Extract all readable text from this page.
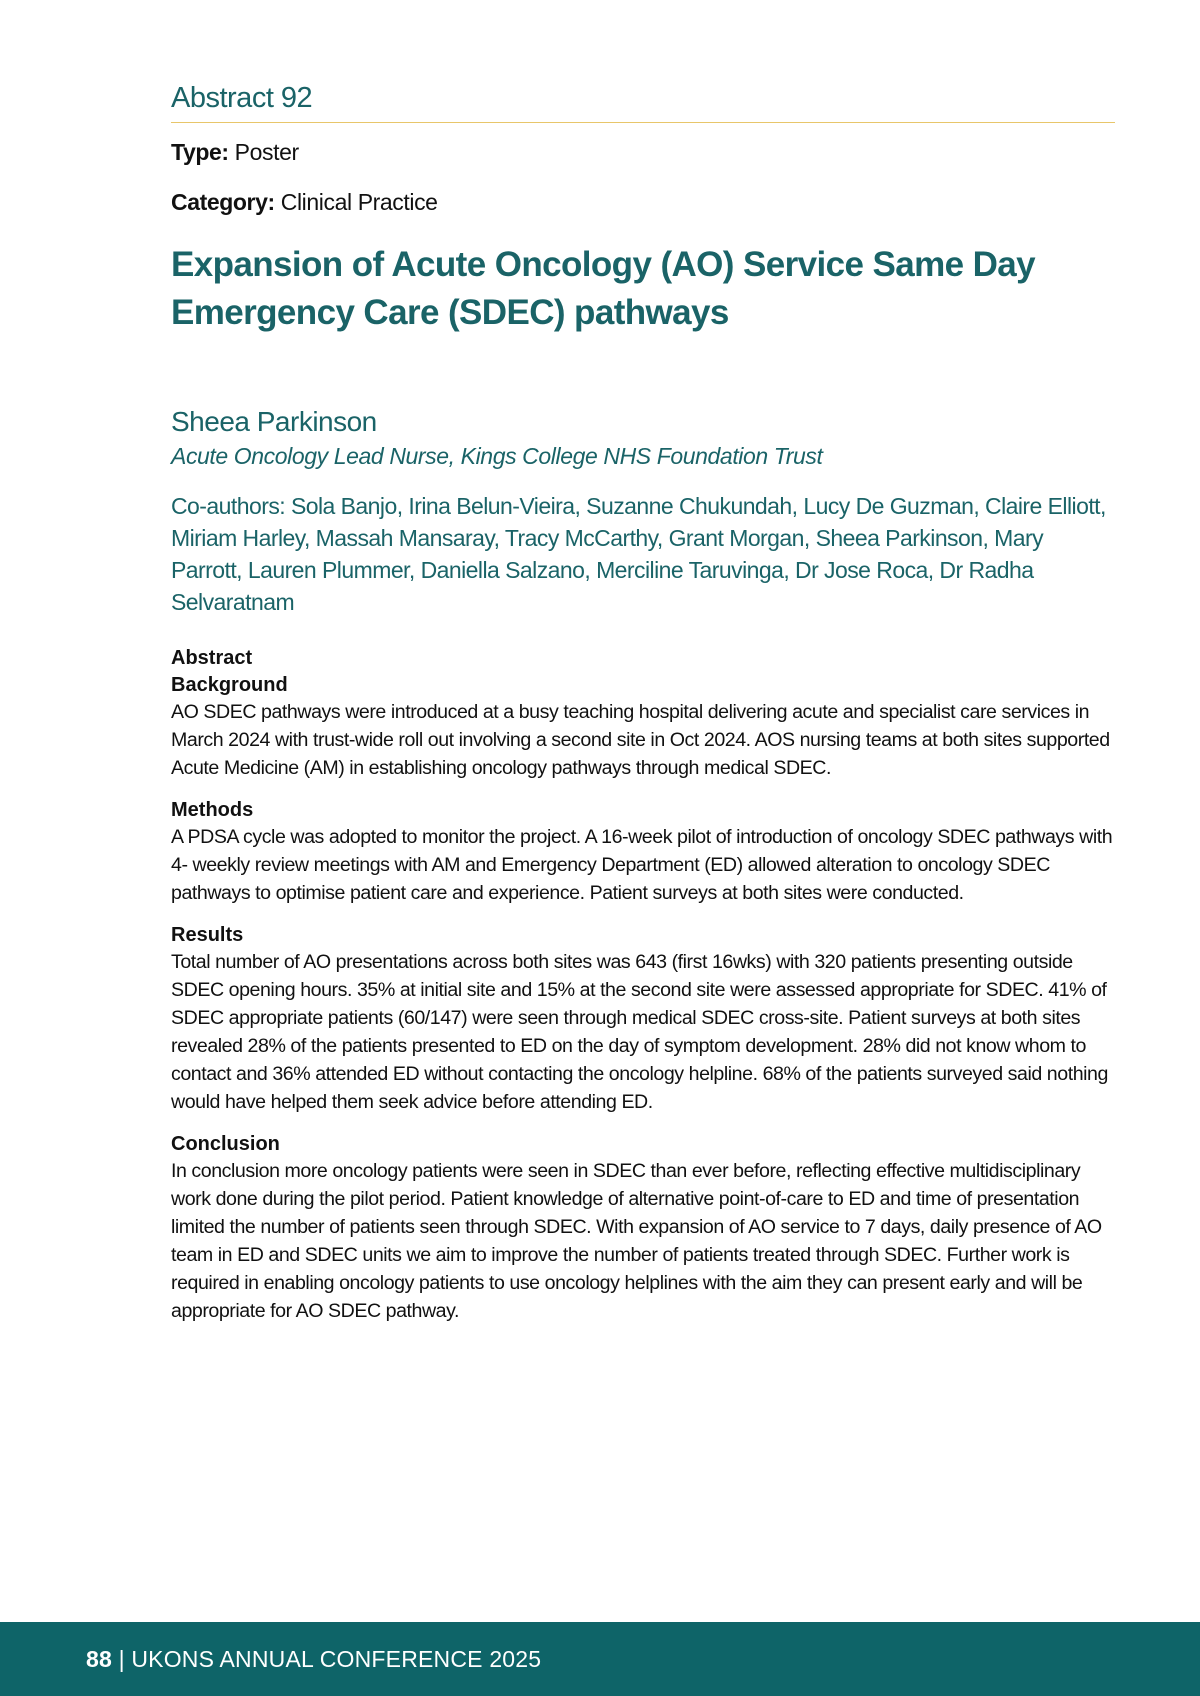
Abstract 92

Type: Poster

Category: Clinical Practice

Expansion of Acute Oncology (AO) Service Same Day Emergency Care (SDEC) pathways

Sheea Parkinson

Acute Oncology Lead Nurse, Kings College NHS Foundation Trust

Co-authors: Sola Banjo, Irina Belun-Vieira, Suzanne Chukundah, Lucy De Guzman, Claire Elliott, Miriam Harley, Massah Mansaray, Tracy McCarthy, Grant Morgan, Sheea Parkinson, Mary Parrott, Lauren Plummer, Daniella Salzano, Merciline Taruvinga, Dr Jose Roca, Dr Radha Selvaratnam

Abstract

Background

AO SDEC pathways were introduced at a busy teaching hospital delivering acute and specialist care services in March 2024 with trust-wide roll out involving a second site in Oct 2024. AOS nursing teams at both sites supported Acute Medicine (AM) in establishing oncology pathways through medical SDEC.

Methods

A PDSA cycle was adopted to monitor the project. A 16-week pilot of introduction of oncology SDEC pathways with 4- weekly review meetings with AM and Emergency Department (ED) allowed alteration to oncology SDEC pathways to optimise patient care and experience. Patient surveys at both sites were conducted.

Results

Total number of AO presentations across both sites was 643 (first 16wks) with 320 patients presenting outside SDEC opening hours. 35% at initial site and 15% at the second site were assessed appropriate for SDEC. 41% of SDEC appropriate patients (60/147) were seen through medical SDEC cross-site. Patient surveys at both sites revealed 28% of the patients presented to ED on the day of symptom development. 28% did not know whom to contact and 36% attended ED without contacting the oncology helpline. 68% of the patients surveyed said nothing would have helped them seek advice before attending ED.

Conclusion

In conclusion more oncology patients were seen in SDEC than ever before, reflecting effective multidisciplinary work done during the pilot period. Patient knowledge of alternative point-of-care to ED and time of presentation limited the number of patients seen through SDEC. With expansion of AO service to 7 days, daily presence of AO team in ED and SDEC units we aim to improve the number of patients treated through SDEC. Further work is required in enabling oncology patients to use oncology helplines with the aim they can present early and will be appropriate for AO SDEC pathway.

88 | UKONS ANNUAL CONFERENCE 2025
